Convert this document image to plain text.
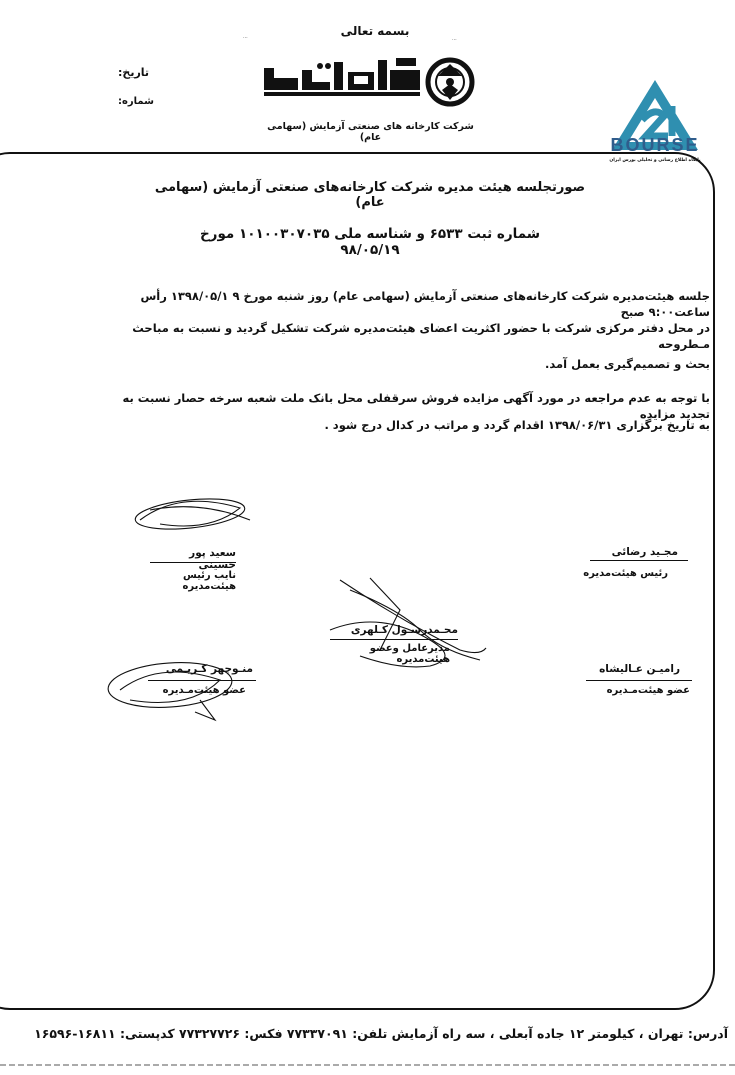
بسمه تعالی
...
...
تاریخ:
شماره:
شرکت کارخانه های صنعتی آزمایش (سهامی عام)	BOURSE
پایگاه اطلاع رسانی و تحلیلی بورس ایران
صورتجلسه هیئت مدیره شرکت کارخانه‌های صنعتی آزمایش (سهامی عام)
شماره ثبت ۶۵۳۳ و شناسه ملی ۱۰۱۰۰۳۰۷۰۳۵ مورخ ۹۸/۰۵/۱۹
جلسه هیئت‌مدیره شرکت کارخانه‌های صنعتی آزمایش (سهامی عام) روز شنبه مورخ ۹ ۱۳۹۸/۰۵/۱ رأس ساعت۹:۰۰ صبح
در محل دفتر مرکزی شرکت با حضور اکثریت اعضای هیئت‌مدیره شرکت تشکیل گردید و نسبت به مباحث مـطروحه
بحث و تصمیم‌گیری بعمل آمد.
با توجه به عدم مراجعه در مورد آگهی مزایده فروش سرقفلی محل بانک ملت شعبه سرخه حصار نسبت به تجدید مزایده
به تاریخ برگزاری ۱۳۹۸/۰۶/۳۱ اقدام گردد و مراتب در کدال درج شود .
سعید پور حسینی
نایب رئیس هیئت‌مدیره
مجـید رضائی
رئیس هیئت‌مدیره
محـمدرسـول کـلهری
مدیرعامل وعضو هیئت‌مدیره
منـوچهر کـریـمی
عضو هیئت‌مـدیره
رامیـن عـالیشاه
عضو هیئت‌مـدیره
آدرس: تهران ، کیلومتر ۱۲ جاده آبعلی ، سه راه آزمایش تلفن: ۷۷۳۳۷۰۹۱ فکس: ۷۷۳۲۷۷۲۶ کدپستی: ۱۶۸۱۱-۱۶۵۹۶
